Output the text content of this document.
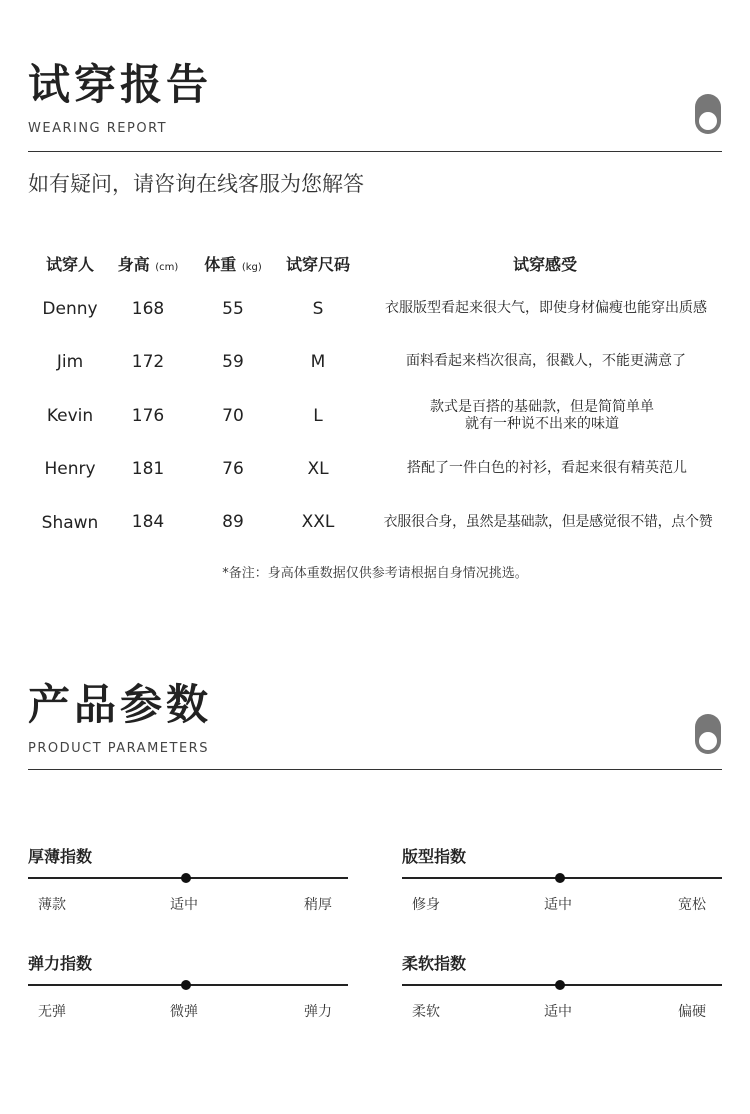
试穿报告
WEARING REPORT
如有疑问，请咨询在线客服为您解答
试穿人	身高 (cm)	体重 (kg)	试穿尺码	试穿感受
Denny	168	55	S	衣服版型看起来很大气，即使身材偏瘦也能穿出质感
Jim	172	59	M	面料看起来档次很高，很戳人，不能更满意了
Kevin	176	70	L	款式是百搭的基础款，但是简简单单
就有一种说不出来的味道
Henry	181	76	XL	搭配了一件白色的衬衫，看起来很有精英范儿
Shawn	184	89	XXL	衣服很合身，虽然是基础款，但是感觉很不错，点个赞
*备注：身高体重数据仅供参考请根据自身情况挑选。
产品参数
PRODUCT PARAMETERS
厚薄指数
薄款	适中	稍厚
版型指数
修身	适中	宽松
弹力指数
无弹	微弹	弹力
柔软指数
柔软	适中	偏硬
